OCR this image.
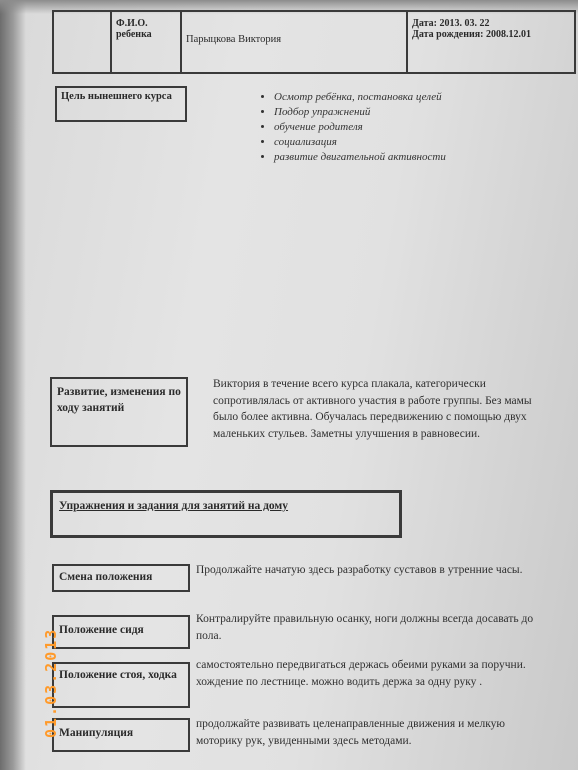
Ф.И.О. ребенка	Парыцкова Виктория
Дата: 2013. 03. 22
Дата рождения: 2008.12.01
Цель нынешнего курса
•	Осмотр ребёнка, постановка целей
• Подбор упражнений
• обучение родителя
• социализация
• развитие двигательной активности
Развитие, изменения по ходу занятий
Виктория в течение всего курса плакала, категорически сопротивлялась от активного участия в работе группы. Без мамы было более активна. Обучалась передвижению с помощью двух маленьких стульев. Заметны улучшения в равновесии.
Упражнения и задания для занятий на дому
Смена положения
Продолжайте начатую здесь разработку суставов в утренние часы.
Положение сидя
Контралируйте правильную осанку, ноги должны всегда досавать до пола.
Положение стоя, ходка
самостоятельно передвигаться держась обеими руками за поручни. хождение по лестнице. можно водить держа за одну руку .
Манипуляция
продолжайте развивать целенаправленные движения и мелкую моторику рук, увиденными здесь методами.
01.03.2013
